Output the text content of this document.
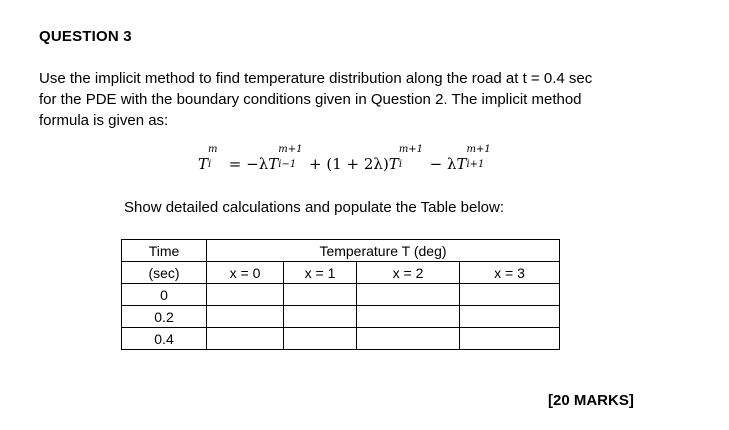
QUESTION 3
Use the implicit method to find temperature distribution along the road at t = 0.4 sec
for the PDE with the boundary conditions given in Question 2. The implicit method
formula is given as:
T
m
i = −λT
m+1
i−1 + (1 + 2λ)T
m+1
i − λT
m+1
i+1
Show detailed calculations and populate the Table below:
Time	Temperature T (deg)			
(sec)	x = 0	x = 1	x = 2	x = 3
0				
0.2				
0.4				
[20 MARKS]
